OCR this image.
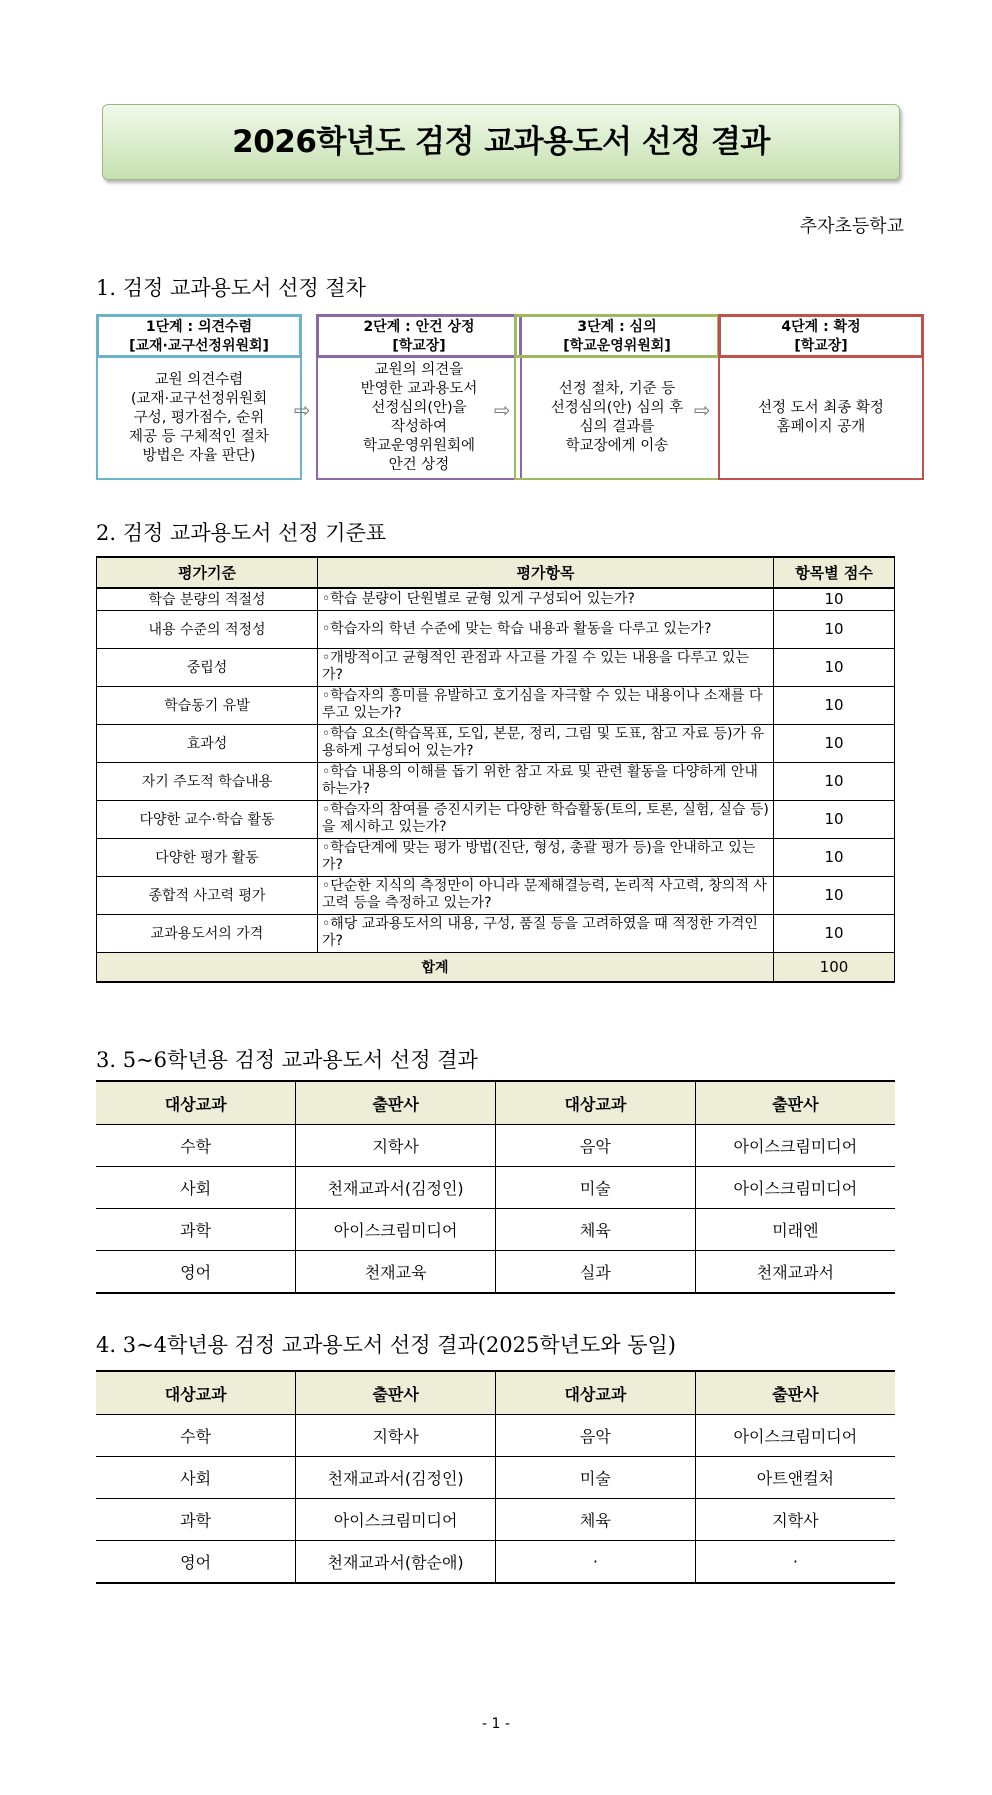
2026학년도 검정 교과용도서 선정 결과
추자초등학교
1. 검정 교과용도서 선정 절차
1단계 : 의견수렴
[교재·교구선정위원회]
교원 의견수렴
(교재·교구선정위원회
구성, 평가점수, 순위
제공 등 구체적인 절차
방법은 자율 판단)
2단계 : 안건 상정
[학교장]
교원의 의견을
반영한 교과용도서
선정심의(안)을
작성하여
학교운영위원회에
안건 상정
3단계 : 심의
[학교운영위원회]
선정 절차, 기준 등
선정심의(안) 심의 후
심의 결과를
학교장에게 이송
4단계 : 확정
[학교장]
선정 도서 최종 확정
홈페이지 공개
⇨	⇨	⇨
2. 검정 교과용도서 선정 기준표
평가기준	평가항목	항목별 점수
학습 분량의 적절성	◦학습 분량이 단원별로 균형 있게 구성되어 있는가?	10
내용 수준의 적정성	◦학습자의 학년 수준에 맞는 학습 내용과 활동을 다루고 있는가?	10
중립성	◦개방적이고 균형적인 관점과 사고를 가질 수 있는 내용을 다루고 있는가?	10
학습동기 유발	◦학습자의 흥미를 유발하고 호기심을 자극할 수 있는 내용이나 소재를 다루고 있는가?	10
효과성	◦학습 요소(학습목표, 도입, 본문, 정리, 그림 및 도표, 참고 자료 등)가 유용하게 구성되어 있는가?	10
자기 주도적 학습내용	◦학습 내용의 이해를 돕기 위한 참고 자료 및 관련 활동을 다양하게 안내하는가?	10
다양한 교수·학습 활동	◦학습자의 참여를 증진시키는 다양한 학습활동(토의, 토론, 실험, 실습 등)을 제시하고 있는가?	10
다양한 평가 활동	◦학습단계에 맞는 평가 방법(진단, 형성, 총괄 평가 등)을 안내하고 있는가?	10
종합적 사고력 평가	◦단순한 지식의 측정만이 아니라 문제해결능력, 논리적 사고력, 창의적 사고력 등을 측정하고 있는가?	10
교과용도서의 가격	◦해당 교과용도서의 내용, 구성, 품질 등을 고려하였을 때 적정한 가격인가?	10
합계		100
3. 5~6학년용 검정 교과용도서 선정 결과
대상교과	출판사	대상교과	출판사
수학	지학사	음악	아이스크림미디어
사회	천재교과서(김정인)	미술	아이스크림미디어
과학	아이스크림미디어	체육	미래엔
영어	천재교육	실과	천재교과서
4. 3~4학년용 검정 교과용도서 선정 결과(2025학년도와 동일)
대상교과	출판사	대상교과	출판사
수학	지학사	음악	아이스크림미디어
사회	천재교과서(김정인)	미술	아트앤컬처
과학	아이스크림미디어	체육	지학사
영어	천재교과서(함순애)	·	·
- 1 -
